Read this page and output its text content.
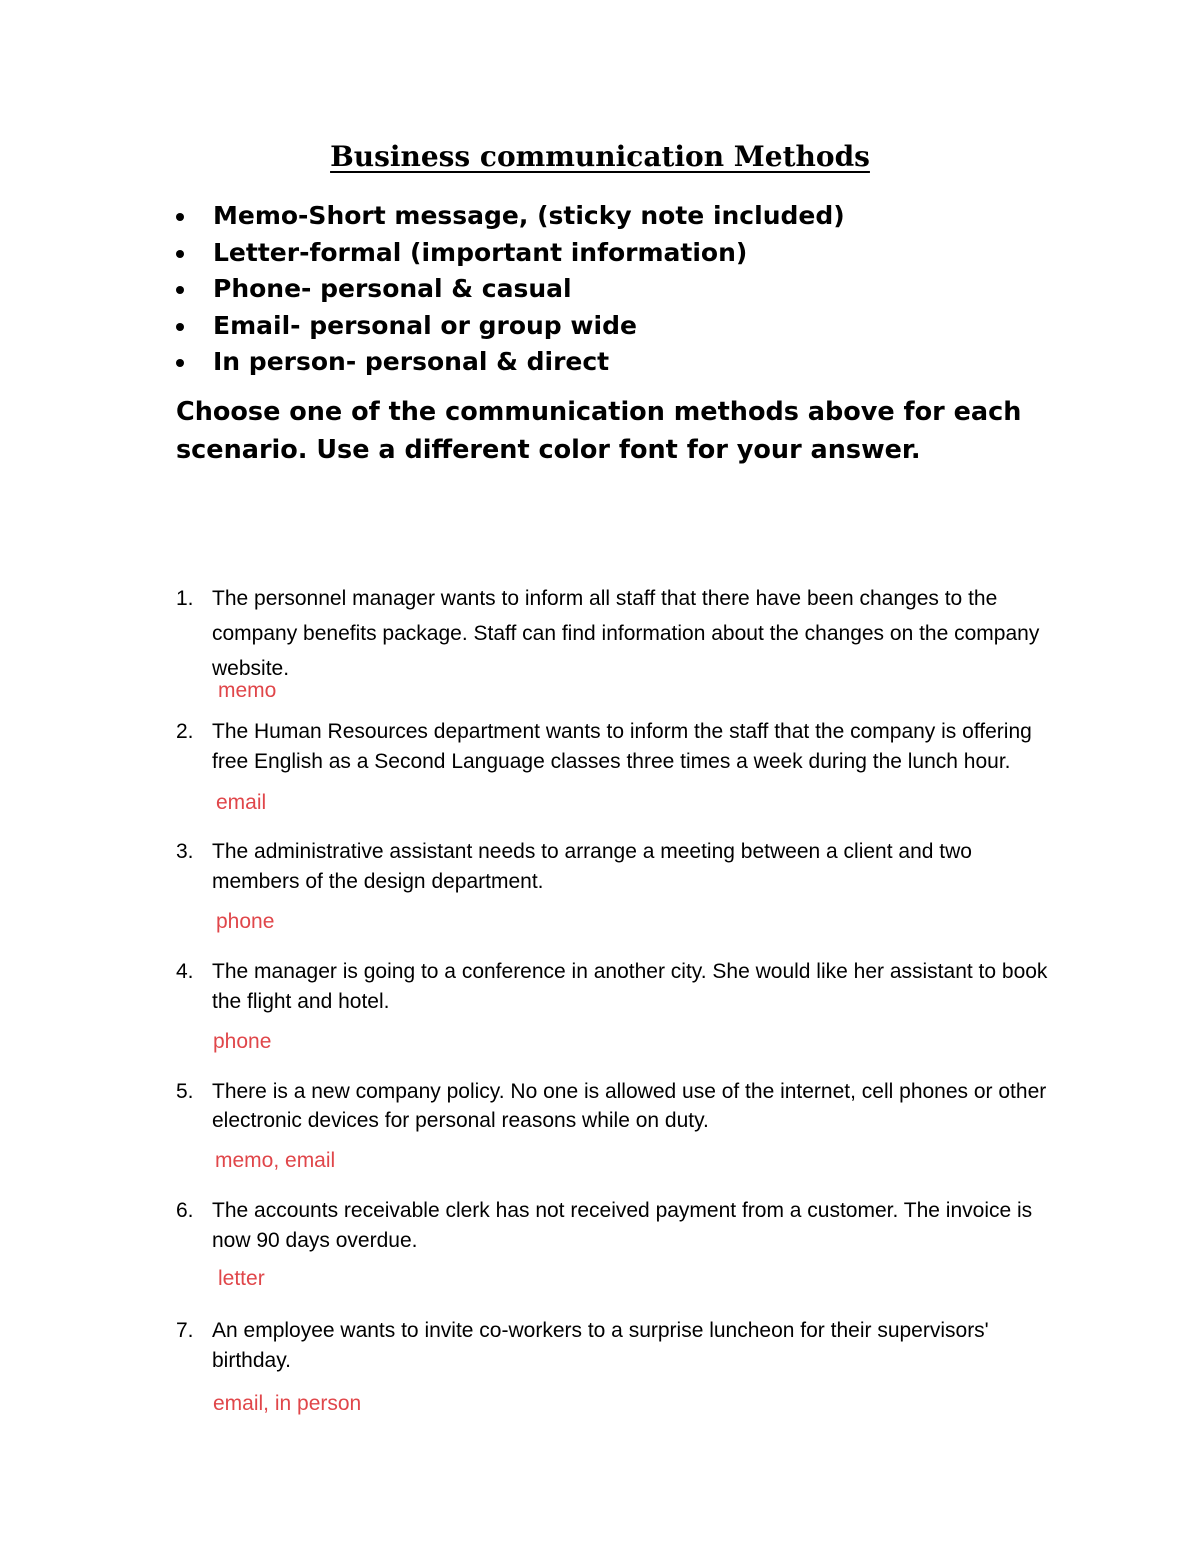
Business communication Methods
Memo-Short message, (sticky note included)
Letter-formal (important information)
Phone- personal & casual
Email- personal or group wide
In person- personal & direct
Choose one of the communication methods above for each scenario. Use a different color font for your answer.
1. The personnel manager wants to inform all staff that there have been changes to the company benefits package. Staff can find information about the changes on the company website.
memo
2. The Human Resources department wants to inform the staff that the company is offering free English as a Second Language classes three times a week during the lunch hour.
email
3. The administrative assistant needs to arrange a meeting between a client and two members of the design department.
phone
4. The manager is going to a conference in another city. She would like her assistant to book the flight and hotel.
phone
5. There is a new company policy. No one is allowed use of the internet, cell phones or other electronic devices for personal reasons while on duty.
memo, email
6. The accounts receivable clerk has not received payment from a customer. The invoice is now 90 days overdue.
letter
7. An employee wants to invite co-workers to a surprise luncheon for their supervisors' birthday.
email, in person
